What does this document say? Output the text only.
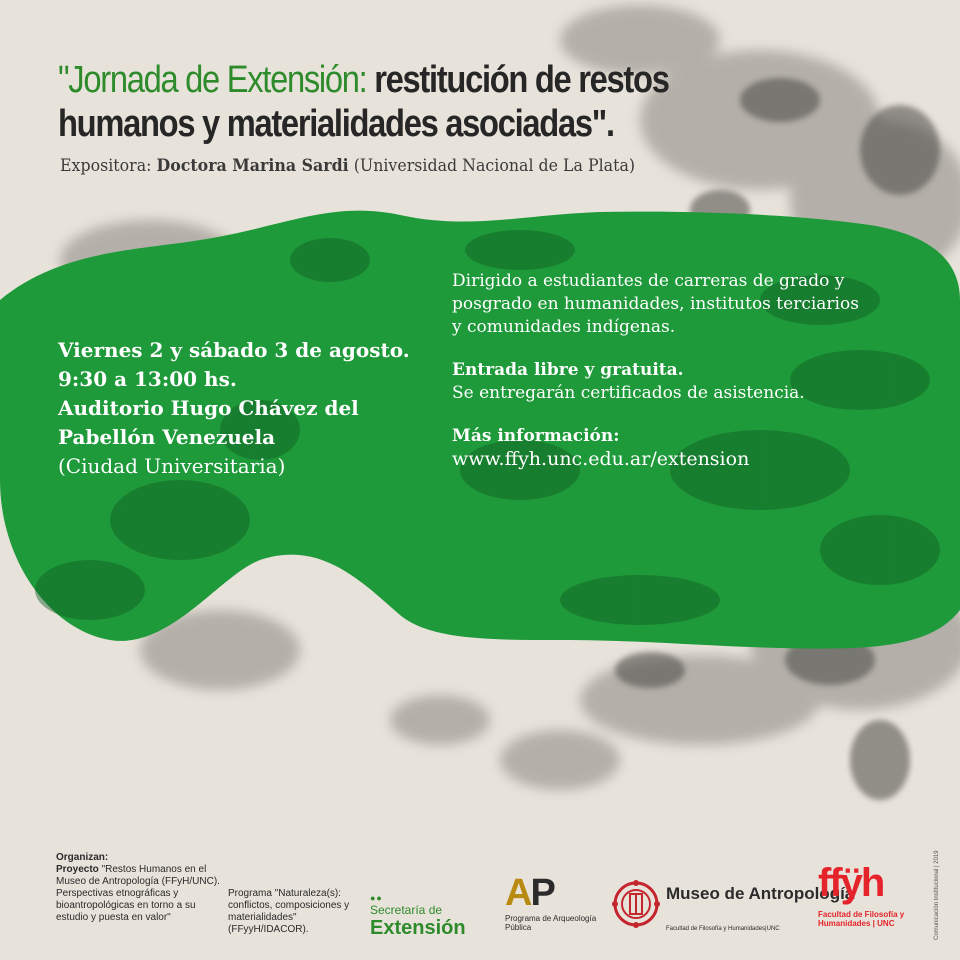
"Jornada de Extensión: restitución de restos humanos y materialidades asociadas".
Expositora: Doctora Marina Sardi (Universidad Nacional de La Plata)
Viernes 2 y sábado 3 de agosto.
9:30 a 13:00 hs.
Auditorio Hugo Chávez del
Pabellón Venezuela
(Ciudad Universitaria)

Dirigido a estudiantes de carreras de grado y posgrado en humanidades, institutos terciarios y comunidades indígenas.

Entrada libre y gratuita.
Se entregarán certificados de asistencia.

Más información:
www.ffyh.unc.edu.ar/extension

Organizan:
Proyecto "Restos Humanos en el Museo de Antropología (FFyH/UNC). Perspectivas etnográficas y bioantropológicas en torno a su estudio y puesta en valor"
Programa "Naturaleza(s): conflictos, composiciones y materialidades" (FFyyH/IDACOR).
●●
Secretaría de
Extensión
AP
Programa de Arqueología Pública
Museo de Antropología
Facultad de Filosofía y Humanidades|UNC
ffÿh
Facultad de Filosofía y Humanidades | UNC	Comunicación Institucional | 2019
